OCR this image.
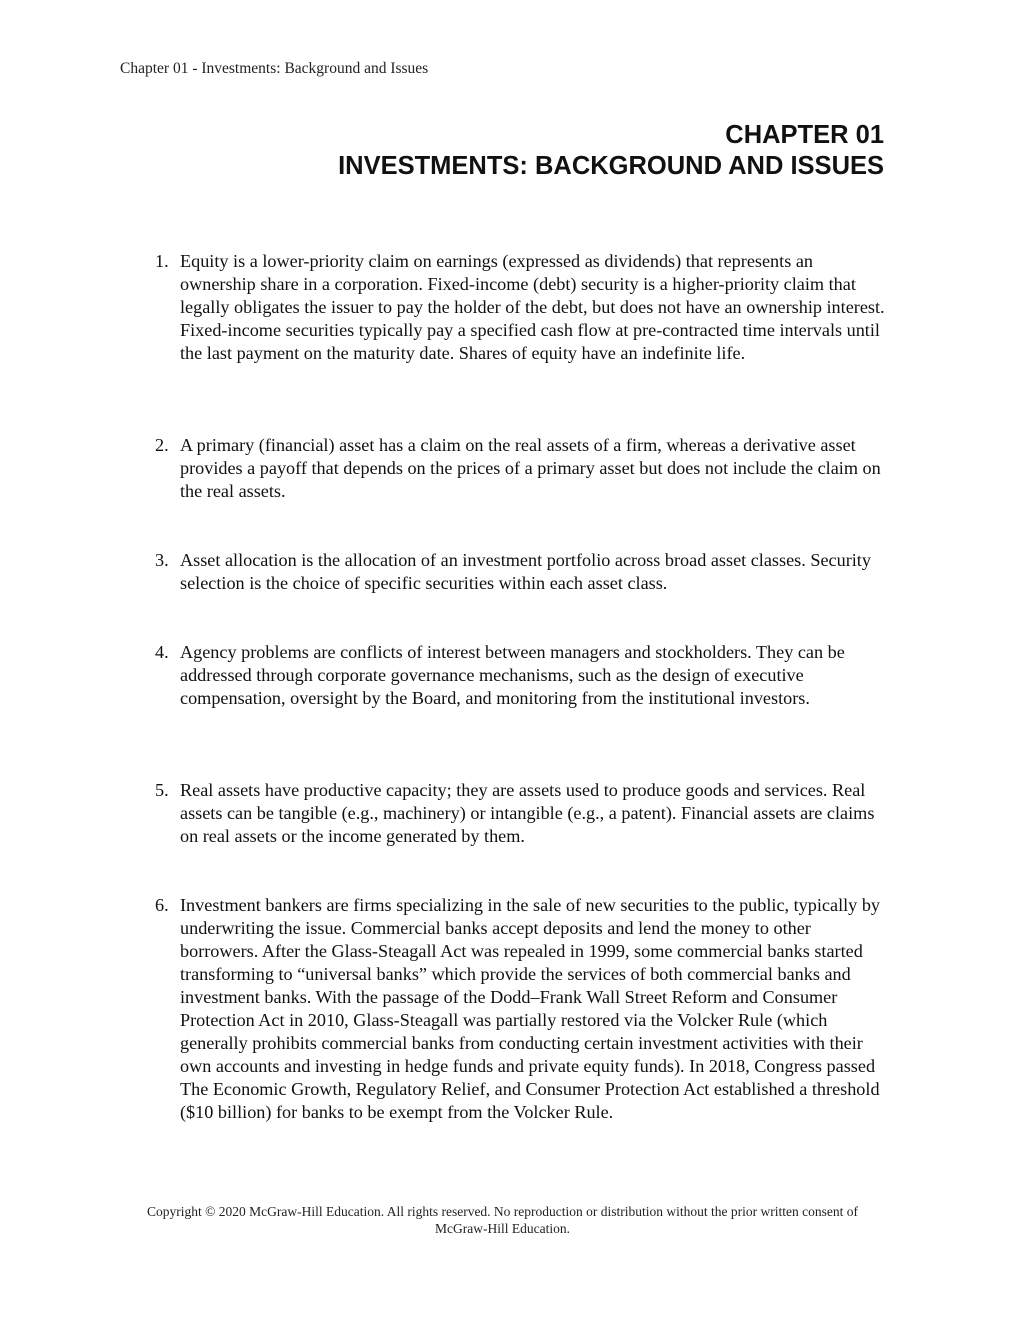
Chapter 01 - Investments: Background and Issues
CHAPTER 01
INVESTMENTS: BACKGROUND AND ISSUES
1. Equity is a lower-priority claim on earnings (expressed as dividends) that represents an ownership share in a corporation. Fixed-income (debt) security is a higher-priority claim that legally obligates the issuer to pay the holder of the debt, but does not have an ownership interest. Fixed-income securities typically pay a specified cash flow at pre-contracted time intervals until the last payment on the maturity date. Shares of equity have an indefinite life.
2. A primary (financial) asset has a claim on the real assets of a firm, whereas a derivative asset provides a payoff that depends on the prices of a primary asset but does not include the claim on the real assets.
3. Asset allocation is the allocation of an investment portfolio across broad asset classes. Security selection is the choice of specific securities within each asset class.
4. Agency problems are conflicts of interest between managers and stockholders. They can be addressed through corporate governance mechanisms, such as the design of executive compensation, oversight by the Board, and monitoring from the institutional investors.
5. Real assets have productive capacity; they are assets used to produce goods and services. Real assets can be tangible (e.g., machinery) or intangible (e.g., a patent). Financial assets are claims on real assets or the income generated by them.
6. Investment bankers are firms specializing in the sale of new securities to the public, typically by underwriting the issue. Commercial banks accept deposits and lend the money to other borrowers. After the Glass-Steagall Act was repealed in 1999, some commercial banks started transforming to “universal banks” which provide the services of both commercial banks and investment banks. With the passage of the Dodd–Frank Wall Street Reform and Consumer Protection Act in 2010, Glass-Steagall was partially restored via the Volcker Rule (which generally prohibits commercial banks from conducting certain investment activities with their own accounts and investing in hedge funds and private equity funds). In 2018, Congress passed The Economic Growth, Regulatory Relief, and Consumer Protection Act established a threshold ($10 billion) for banks to be exempt from the Volcker Rule.
Copyright © 2020 McGraw-Hill Education. All rights reserved. No reproduction or distribution without the prior written consent of McGraw-Hill Education.
